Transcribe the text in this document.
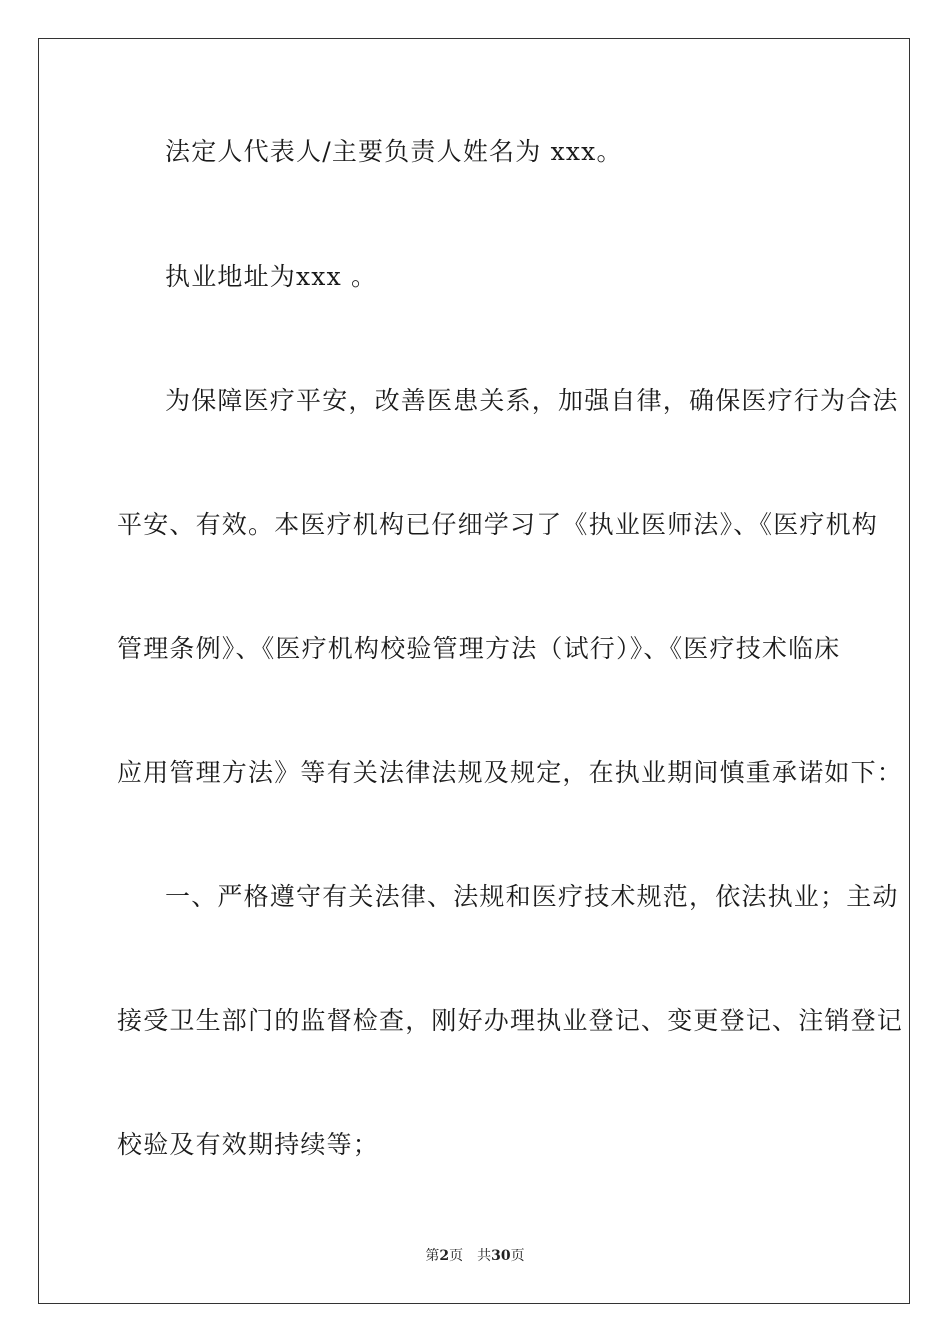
法定人代表人/主要负责人姓名为 xxx。
执业地址为xxx 。
为保障医疗平安，改善医患关系，加强自律，确保医疗行为合法
平安、有效。本医疗机构已仔细学习了《执业医师法》、《医疗机构
管理条例》、《医疗机构校验管理方法（试行）》、《医疗技术临床
应用管理方法》等有关法律法规及规定，在执业期间慎重承诺如下：
一、严格遵守有关法律、法规和医疗技术规范，依法执业；主动
接受卫生部门的监督检查，刚好办理执业登记、变更登记、注销登记
校验及有效期持续等；
第2页 共30页
